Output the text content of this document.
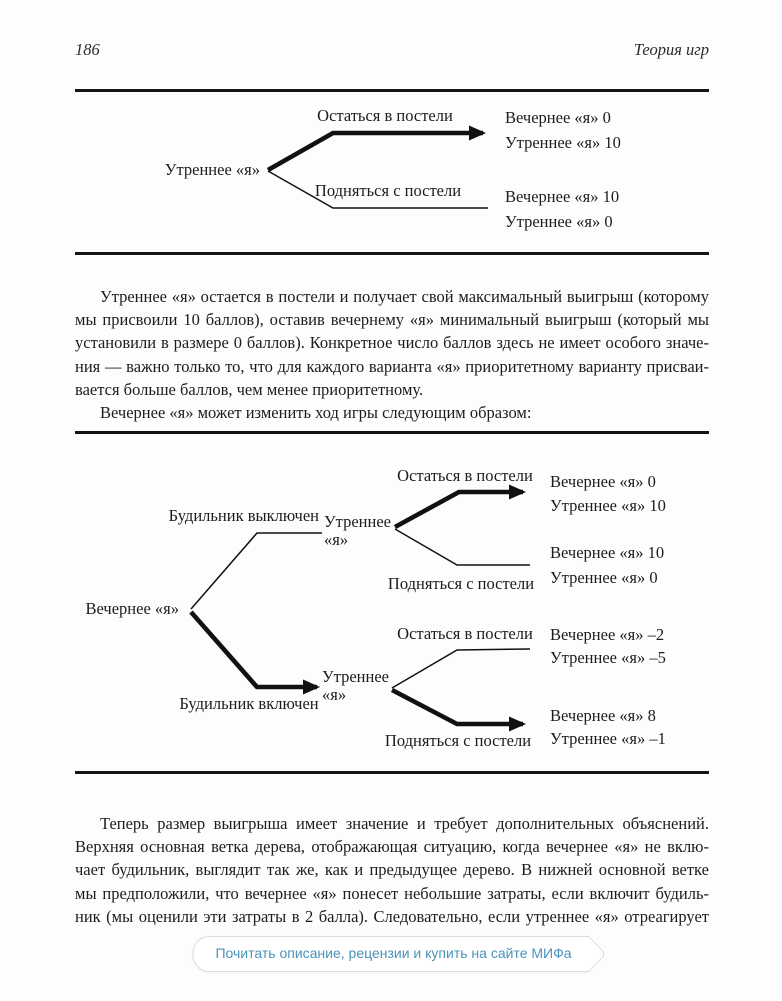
186	Теория игр
Утреннее «я»
Остаться в постели
Подняться с постели
Вечернее «я» 0
Утреннее «я» 10
Вечернее «я» 10
Утреннее «я» 0
Утреннее «я» остается в постели и получает свой максимальный выигрыш (которому
мы присвоили 10 баллов), оставив вечернему «я» минимальный выигрыш (который мы
установили в размере 0 баллов). Конкретное число баллов здесь не имеет особого значе-
ния — важно только то, что для каждого варианта «я» приоритетному варианту присваи-
вается больше баллов, чем менее приоритетному.
Вечернее «я» может изменить ход игры следующим образом:
Вечернее «я»
Будильник выключен Утреннее
«я»
Остаться в постели Вечернее «я» 0
Утреннее «я» 10
Подняться с постели
Вечернее «я» 10
Утреннее «я» 0
Будильник включен
Утреннее
«я»
Остаться в постели Вечернее «я» –2
Утреннее «я» –5
Подняться с постели
Вечернее «я» 8
Утреннее «я» –1
Теперь размер выигрыша имеет значение и требует дополнительных объяснений.
Верхняя основная ветка дерева, отображающая ситуацию, когда вечернее «я» не вклю-
чает будильник, выглядит так же, как и предыдущее дерево. В нижней основной ветке
мы предположили, что вечернее «я» понесет небольшие затраты, если включит будиль-
ник (мы оценили эти затраты в 2 балла). Следовательно, если утреннее «я» отреагирует
Почитать описание, рецензии и купить на сайте МИФа
